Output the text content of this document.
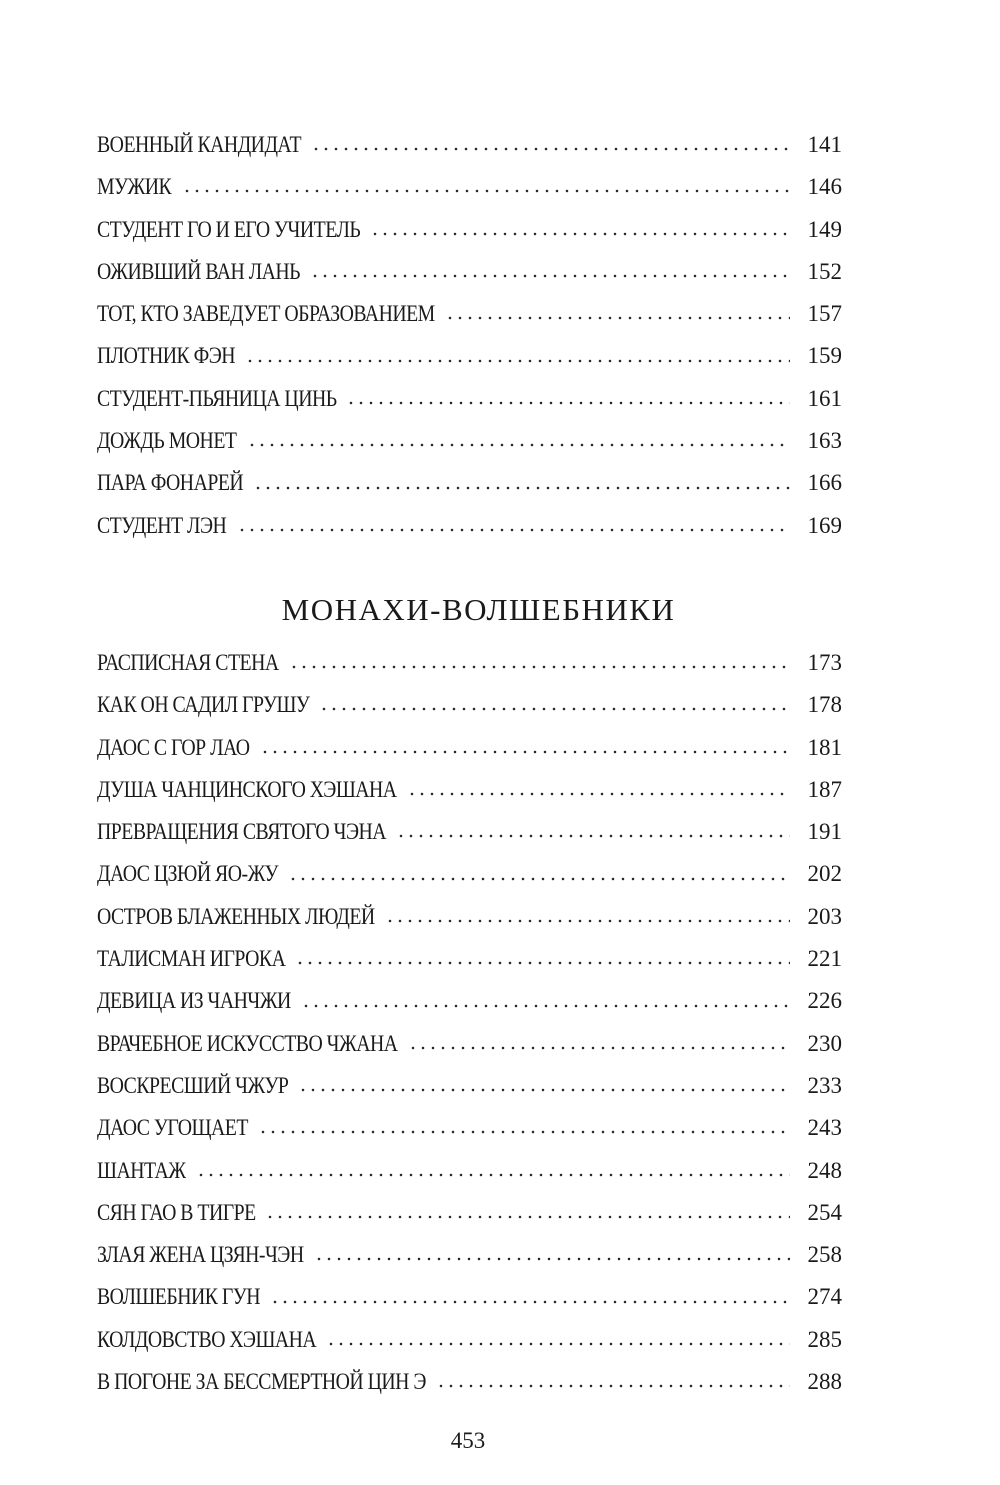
ВОЕННЫЙ КАНДИДАТ	141
МУЖИК	146
СТУДЕНТ ГО И ЕГО УЧИТЕЛЬ	149
ОЖИВШИЙ ВАН ЛАНЬ	152
ТОТ, КТО ЗАВЕДУЕТ ОБРАЗОВАНИЕМ	157
ПЛОТНИК ФЭН	159
СТУДЕНТ-ПЬЯНИЦА ЦИНЬ	161
ДОЖДЬ МОНЕТ	163
ПАРА ФОНАРЕЙ	166
СТУДЕНТ ЛЭН	169
МОНАХИ-ВОЛШЕБНИКИ
РАСПИСНАЯ СТЕНА	173
КАК ОН САДИЛ ГРУШУ	178
ДАОС С ГОР ЛАО	181
ДУША ЧАНЦИНСКОГО ХЭШАНА	187
ПРЕВРАЩЕНИЯ СВЯТОГО ЧЭНА	191
ДАОС ЦЗЮЙ ЯО-ЖУ	202
ОСТРОВ БЛАЖЕННЫХ ЛЮДЕЙ	203
ТАЛИСМАН ИГРОКА	221
ДЕВИЦА ИЗ ЧАНЧЖИ	226
ВРАЧЕБНОЕ ИСКУССТВО ЧЖАНА	230
ВОСКРЕСШИЙ ЧЖУР	233
ДАОС УГОЩАЕТ	243
ШАНТАЖ	248
СЯН ГАО В ТИГРЕ	254
ЗЛАЯ ЖЕНА ЦЗЯН-ЧЭН	258
ВОЛШЕБНИК ГУН	274
КОЛДОВСТВО ХЭШАНА	285
В ПОГОНЕ ЗА БЕССМЕРТНОЙ ЦИН Э	288
453
